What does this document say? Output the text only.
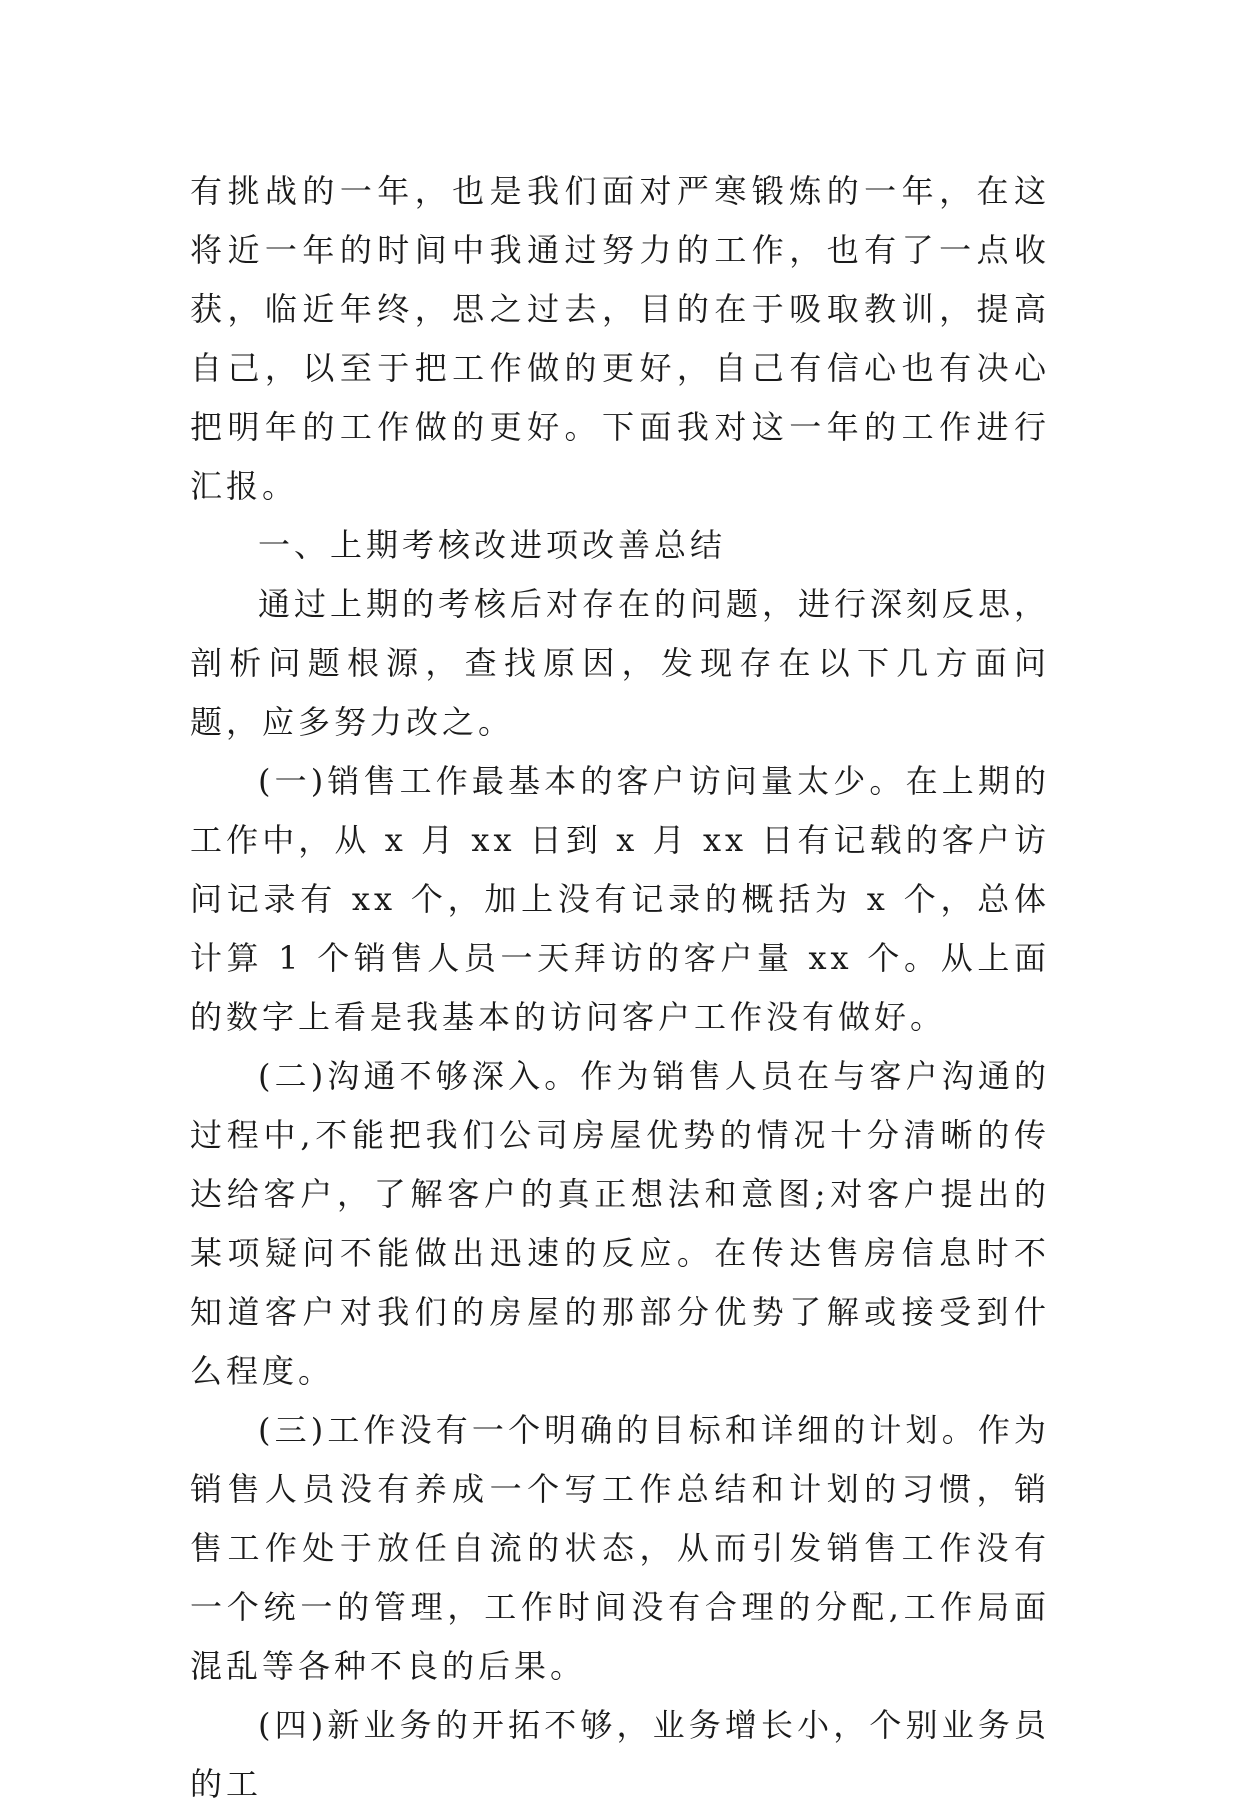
有挑战的一年，也是我们面对严寒锻炼的一年，在这将近一年的时间中我通过努力的工作，也有了一点收获，临近年终，思之过去，目的在于吸取教训，提高自己，以至于把工作做的更好，自己有信心也有决心把明年的工作做的更好。下面我对这一年的工作进行汇报。

一、上期考核改进项改善总结

通过上期的考核后对存在的问题，进行深刻反思，剖析问题根源，查找原因，发现存在以下几方面问题，应多努力改之。

(一)销售工作最基本的客户访问量太少。在上期的工作中，从 x 月 xx 日到 x 月 xx 日有记载的客户访问记录有 xx 个，加上没有记录的概括为 x 个，总体计算 1 个销售人员一天拜访的客户量 xx 个。从上面的数字上看是我基本的访问客户工作没有做好。

(二)沟通不够深入。作为销售人员在与客户沟通的过程中,不能把我们公司房屋优势的情况十分清晰的传达给客户，了解客户的真正想法和意图;对客户提出的某项疑问不能做出迅速的反应。在传达售房信息时不知道客户对我们的房屋的那部分优势了解或接受到什么程度。

(三)工作没有一个明确的目标和详细的计划。作为销售人员没有养成一个写工作总结和计划的习惯，销售工作处于放任自流的状态，从而引发销售工作没有一个统一的管理，工作时间没有合理的分配,工作局面混乱等各种不良的后果。

(四)新业务的开拓不够，业务增长小，个别业务员的工
